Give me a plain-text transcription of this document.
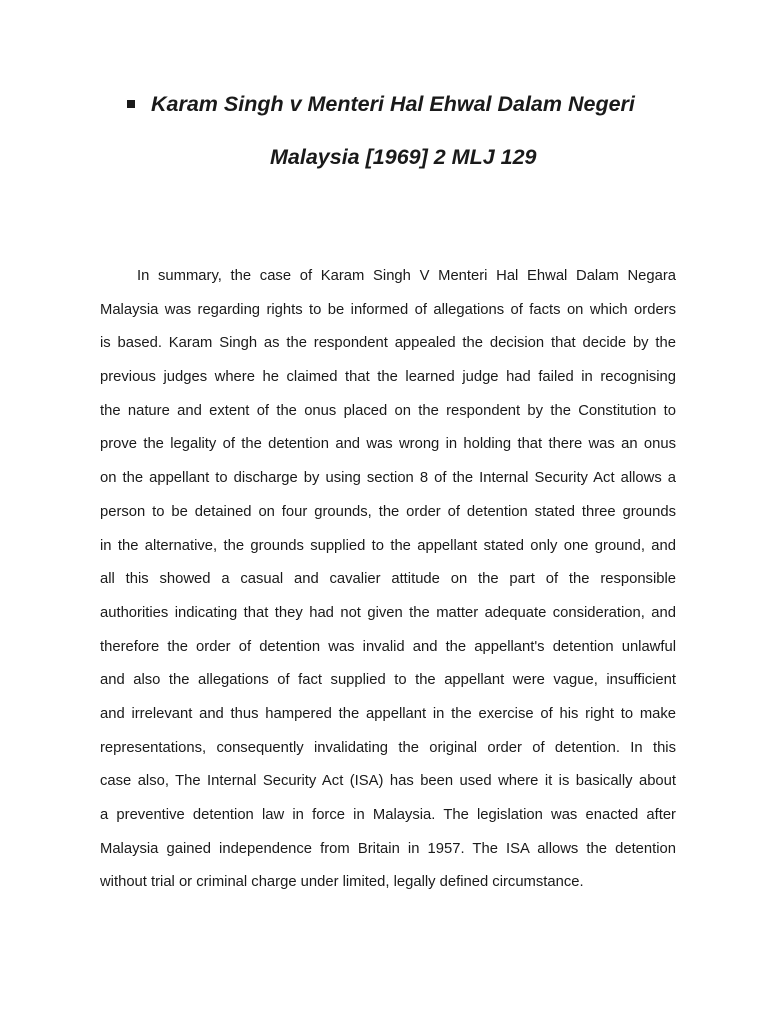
Karam Singh v Menteri Hal Ehwal Dalam Negeri

Malaysia [1969] 2 MLJ 129

In summary, the case of Karam Singh V Menteri Hal Ehwal Dalam Negara
Malaysia was regarding rights to be informed of allegations of facts on which orders
is based. Karam Singh as the respondent appealed the decision that decide by the
previous judges where he claimed that the learned judge had failed in recognising
the nature and extent of the onus placed on the respondent by the Constitution to
prove the legality of the detention and was wrong in holding that there was an onus
on the appellant to discharge by using section 8 of the Internal Security Act allows a
person to be detained on four grounds, the order of detention stated three grounds
in the alternative, the grounds supplied to the appellant stated only one ground, and
all this showed a casual and cavalier attitude on the part of the responsible
authorities indicating that they had not given the matter adequate consideration, and
therefore the order of detention was invalid and the appellant's detention unlawful
and also the allegations of fact supplied to the appellant were vague, insufficient
and irrelevant and thus hampered the appellant in the exercise of his right to make
representations, consequently invalidating the original order of detention. In this
case also, The Internal Security Act (ISA) has been used where it is basically about
a preventive detention law in force in Malaysia. The legislation was enacted after
Malaysia gained independence from Britain in 1957. The ISA allows the detention
without trial or criminal charge under limited, legally defined circumstance.
